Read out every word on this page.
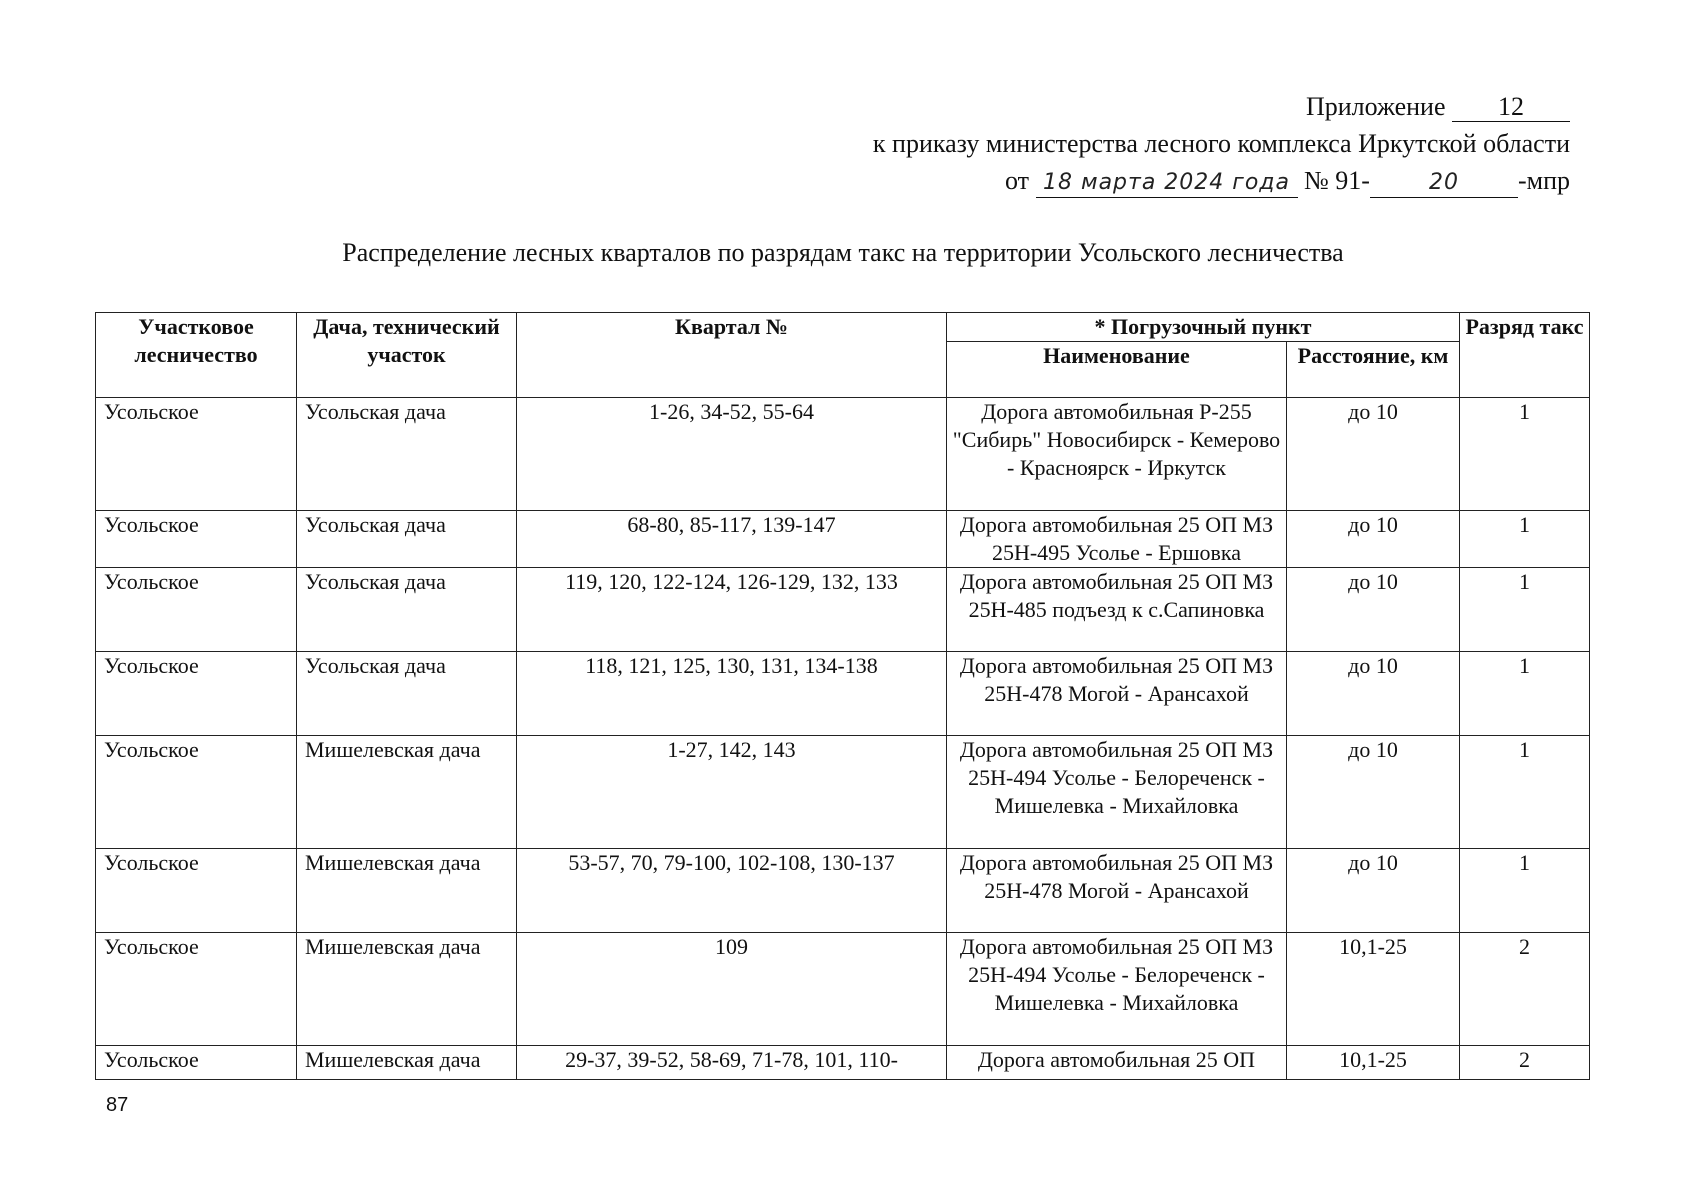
Приложение 12
к приказу министерства лесного комплекса Иркутской области
от 18 марта 2024 года № 91-	20 -мпр
Распределение лесных кварталов по разрядам такс на территории Усольского лесничества
Участковое лесничество	Дача, технический участок	Квартал №	* Погрузочный пункт		Разряд такс
			Наименование	Расстояние, км	
Усольское	Усольская дача	1-26, 34-52, 55-64	Дорога автомобильная Р-255 "Сибирь" Новосибирск - Кемерово - Красноярск - Иркутск	до 10	1
Усольское	Усольская дача	68-80, 85-117, 139-147	Дорога автомобильная 25 ОП МЗ 25Н-495 Усолье - Ершовка	до 10	1
Усольское	Усольская дача	119, 120, 122-124, 126-129, 132, 133	Дорога автомобильная 25 ОП МЗ 25Н-485 подъезд к с.Сапиновка	до 10	1
Усольское	Усольская дача	118, 121, 125, 130, 131, 134-138	Дорога автомобильная 25 ОП МЗ 25Н-478 Могой - Арансахой	до 10	1
Усольское	Мишелевская дача	1-27, 142, 143	Дорога автомобильная 25 ОП МЗ 25Н-494 Усолье - Белореченск - Мишелевка - Михайловка	до 10	1
Усольское	Мишелевская дача	53-57, 70, 79-100, 102-108, 130-137	Дорога автомобильная 25 ОП МЗ 25Н-478 Могой - Арансахой	до 10	1
Усольское	Мишелевская дача	109	Дорога автомобильная 25 ОП МЗ 25Н-494 Усолье - Белореченск - Мишелевка - Михайловка	10,1-25	2
Усольское	Мишелевская дача	29-37, 39-52, 58-69, 71-78, 101, 110-	Дорога автомобильная 25 ОП	10,1-25	2
87
